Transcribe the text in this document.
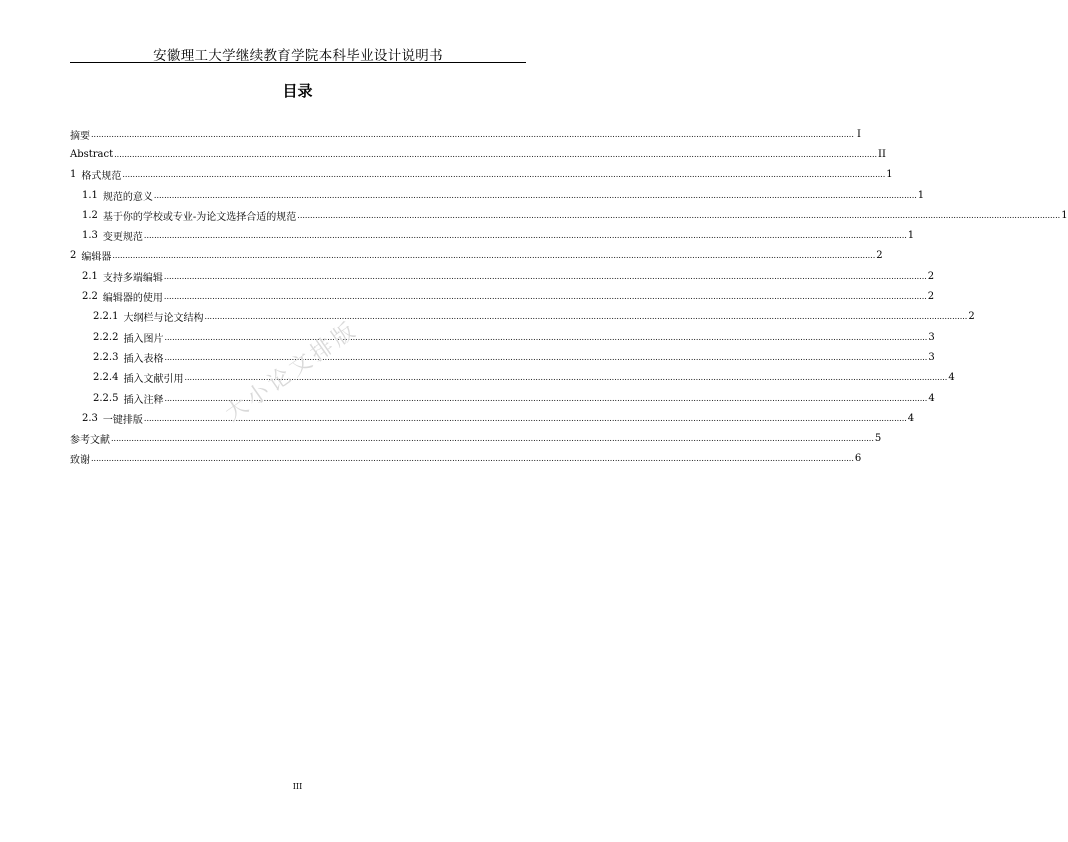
安徽理工大学继续教育学院本科毕业设计说明书
目录
摘要 ............................................................................................................................................................................................................................................................................................................ I
Abstract ............................................................................................................................................................................................................................................................................................................ II
1 格式规范 ............................................................................................................................................................................................................................................................................................................ 1
1.1 规范的意义 ............................................................................................................................................................................................................................................................................................................ 1
1.2 基于你的学校或专业-为论文选择合适的规范 ............................................................................................................................................................................................................................................................................................................ 1
1.3 变更规范 ............................................................................................................................................................................................................................................................................................................ 1
2 编辑器 ............................................................................................................................................................................................................................................................................................................ 2
2.1 支持多端编辑 ............................................................................................................................................................................................................................................................................................................ 2
2.2 编辑器的使用 ............................................................................................................................................................................................................................................................................................................ 2
2.2.1 大纲栏与论文结构 ............................................................................................................................................................................................................................................................................................................ 2
2.2.2 插入图片 ............................................................................................................................................................................................................................................................................................................ 3
2.2.3 插入表格 ............................................................................................................................................................................................................................................................................................................ 3
2.2.4 插入文献引用 ............................................................................................................................................................................................................................................................................................................ 4
2.2.5 插入注释 ............................................................................................................................................................................................................................................................................................................ 4
2.3 一键排版 ............................................................................................................................................................................................................................................................................................................ 4
参考文献 ............................................................................................................................................................................................................................................................................................................ 5
致谢 ............................................................................................................................................................................................................................................................................................................ 6
大小论文排版
III
